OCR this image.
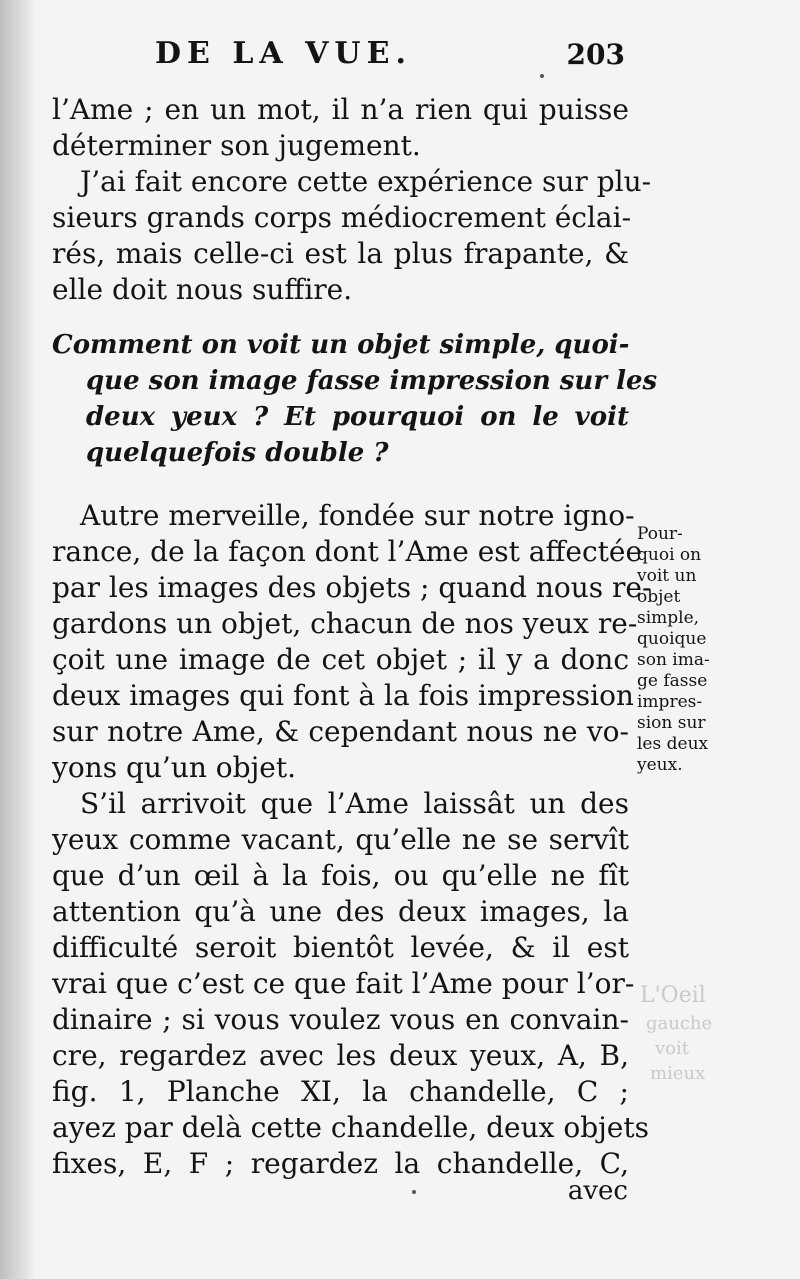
L'Oeil
gauche
voit
mieux
DE LA VUE.	203
l’Ame ; en un mot, il n’a rien qui puisse
déterminer son jugement.
J’ai fait encore cette expérience sur plu-
sieurs grands corps médiocrement éclai-
rés, mais celle-ci est la plus frapante, &
elle doit nous suffire.
Comment on voit un objet simple, quoi-
que son image fasse impression sur les
deux yeux ? Et pourquoi on le voit
quelquefois double ?
Autre merveille, fondée sur notre igno-
rance, de la façon dont l’Ame est affectée
par les images des objets ; quand nous re-
gardons un objet, chacun de nos yeux re-
çoit une image de cet objet ; il y a donc
deux images qui font à la fois impression
sur notre Ame, & cependant nous ne vo-
yons qu’un objet.
S’il arrivoit que l’Ame laissât un des
yeux comme vacant, qu’elle ne se servît
que d’un œil à la fois, ou qu’elle ne fît
attention qu’à une des deux images, la
difficulté seroit bientôt levée, & il est
vrai que c’est ce que fait l’Ame pour l’or-
dinaire ; si vous voulez vous en convain-
cre, regardez avec les deux yeux, A, B,
fig. 1, Planche XI, la chandelle, C ;
ayez par delà cette chandelle, deux objets
fixes, E, F ; regardez la chandelle, C,
Pour-
quoi on
voit un
objet
simple,
quoique
son ima-
ge fasse
impres-
sion sur
les deux
yeux.
avec
